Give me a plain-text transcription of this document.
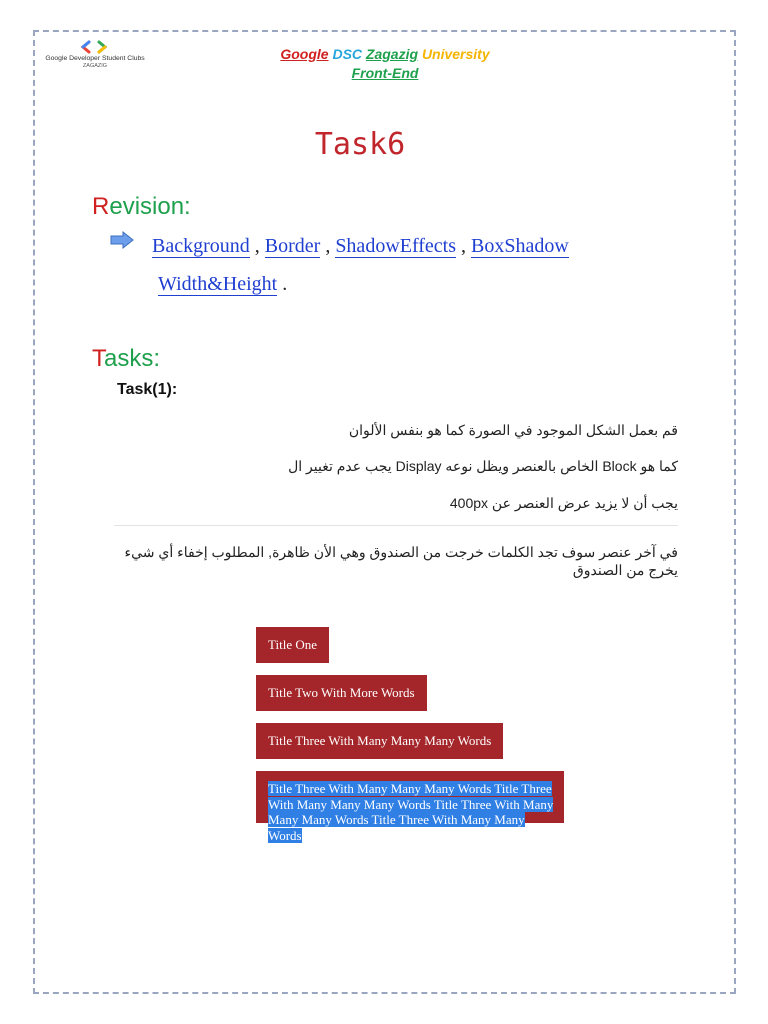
Google Developer Student Clubs
ZAGAZIG
Google DSC Zagazig University
Front-End
Task6
Revision:
Background , Border , ShadowEffects , BoxShadow
Width&Height .
Tasks:
Task(1):
قم بعمل الشكل الموجود في الصورة كما هو بنفس الألوان
كما هو Block الخاص بالعنصر ويظل نوعه Display يجب عدم تغيير ال
يجب أن لا يزيد عرض العنصر عن 400px
في آخر عنصر سوف تجد الكلمات خرجت من الصندوق وهي الأن ظاهرة, المطلوب إخفاء أي شيء يخرج من الصندوق
Title One
Title Two With More Words
Title Three With Many Many Many Words
Title Three With Many Many Many Words Title Three With Many Many Many Words Title Three With Many Many Many Words Title Three With Many Many Words
